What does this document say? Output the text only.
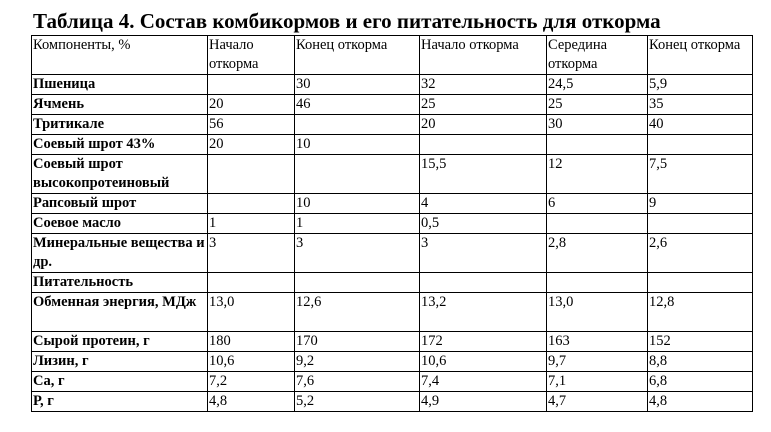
Таблица 4. Состав комбикормов и его питательность для откорма
Компоненты, %	Начало откорма	Конец откорма	Начало откорма	Середина откорма	Конец откорма
Пшеница		30	32	24,5	5,9
Ячмень	20	46	25	25	35
Тритикале	56		20	30	40
Соевый шрот 43%	20	10			
Соевый шрот высокопротеиновый			15,5	12	7,5
Рапсовый шрот		10	4	6	9
Соевое масло	1	1	0,5		
Минеральные вещества и др.	3	3	3	2,8	2,6
Питательность					
Обменная энергия, МДж	13,0	12,6	13,2	13,0	12,8
Сырой протеин, г	180	170	172	163	152
Лизин, г	10,6	9,2	10,6	9,7	8,8
Са, г	7,2	7,6	7,4	7,1	6,8
Р, г	4,8	5,2	4,9	4,7	4,8
